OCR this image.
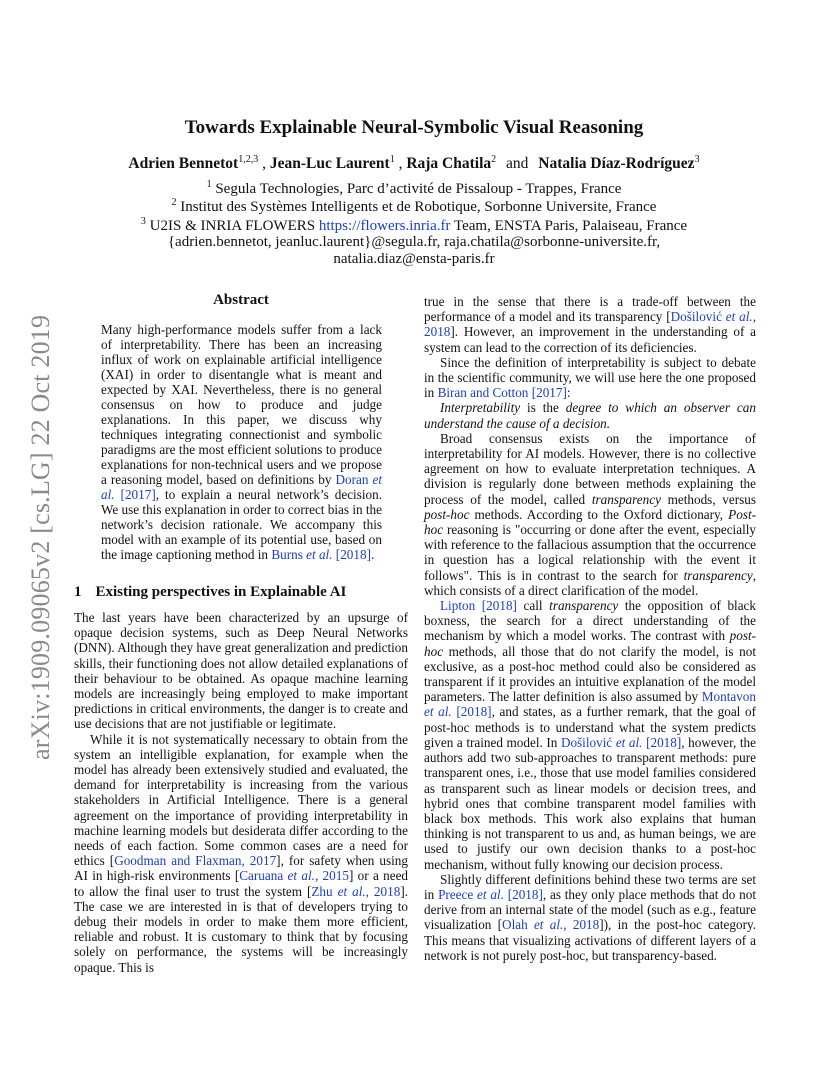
arXiv:1909.09065v2 [cs.LG] 22 Oct 2019
Towards Explainable Neural-Symbolic Visual Reasoning
Adrien Bennetot$^{1,2,3}$ , Jean-Luc Laurent$^1$ , Raja Chatila$^2$ and Natalia Díaz-Rodríguez$^3$
$^1$ Segula Technologies, Parc d’activité de Pissaloup - Trappes, France
$^2$ Institut des Systèmes Intelligents et de Robotique, Sorbonne Universite, France
$^3$ U2IS & INRIA FLOWERS https://flowers.inria.fr Team, ENSTA Paris, Palaiseau, France
{adrien.bennetot, jeanluc.laurent}@segula.fr, raja.chatila@sorbonne-universite.fr,
natalia.diaz@ensta-paris.fr
Abstract
Many high-performance models suffer from a lack of interpretability. There has been an increasing influx of work on explainable artificial intelligence (XAI) in order to disentangle what is meant and expected by XAI. Nevertheless, there is no general consensus on how to produce and judge explanations. In this paper, we discuss why techniques integrating connectionist and symbolic paradigms are the most efficient solutions to produce explanations for non-technical users and we propose a reasoning model, based on definitions by Doran et al. [2017], to explain a neural network’s decision. We use this explanation in order to correct bias in the network’s decision rationale. We accompany this model with an example of its potential use, based on the image captioning method in Burns et al. [2018].
1 Existing perspectives in Explainable AI

The last years have been characterized by an upsurge of opaque decision systems, such as Deep Neural Networks (DNN). Although they have great generalization and prediction skills, their functioning does not allow detailed explanations of their behaviour to be obtained. As opaque machine learning models are increasingly being employed to make important predictions in critical environments, the danger is to create and use decisions that are not justifiable or legitimate.

While it is not systematically necessary to obtain from the system an intelligible explanation, for example when the model has already been extensively studied and evaluated, the demand for interpretability is increasing from the various stakeholders in Artificial Intelligence. There is a general agreement on the importance of providing interpretability in machine learning models but desiderata differ according to the needs of each faction. Some common cases are a need for ethics [Goodman and Flaxman, 2017], for safety when using AI in high-risk environments [Caruana et al., 2015] or a need to allow the final user to trust the system [Zhu et al., 2018]. The case we are interested in is that of developers trying to debug their models in order to make them more efficient, reliable and robust. It is customary to think that by focusing solely on performance, the systems will be increasingly opaque. This is

true in the sense that there is a trade-off between the performance of a model and its transparency [Došilović et al., 2018]. However, an improvement in the understanding of a system can lead to the correction of its deficiencies.

Since the definition of interpretability is subject to debate in the scientific community, we will use here the one proposed in Biran and Cotton [2017]:

Interpretability is the degree to which an observer can understand the cause of a decision.

Broad consensus exists on the importance of interpretability for AI models. However, there is no collective agreement on how to evaluate interpretation techniques. A division is regularly done between methods explaining the process of the model, called transparency methods, versus post-hoc methods. According to the Oxford dictionary, Post-hoc reasoning is "occurring or done after the event, especially with reference to the fallacious assumption that the occurrence in question has a logical relationship with the event it follows". This is in contrast to the search for transparency, which consists of a direct clarification of the model.

Lipton [2018] call transparency the opposition of black boxness, the search for a direct understanding of the mechanism by which a model works. The contrast with post-hoc methods, all those that do not clarify the model, is not exclusive, as a post-hoc method could also be considered as transparent if it provides an intuitive explanation of the model parameters. The latter definition is also assumed by Montavon et al. [2018], and states, as a further remark, that the goal of post-hoc methods is to understand what the system predicts given a trained model. In Došilović et al. [2018], however, the authors add two sub-approaches to transparent methods: pure transparent ones, i.e., those that use model families considered as transparent such as linear models or decision trees, and hybrid ones that combine transparent model families with black box methods. This work also explains that human thinking is not transparent to us and, as human beings, we are used to justify our own decision thanks to a post-hoc mechanism, without fully knowing our decision process.

Slightly different definitions behind these two terms are set in Preece et al. [2018], as they only place methods that do not derive from an internal state of the model (such as e.g., feature visualization [Olah et al., 2018]), in the post-hoc category. This means that visualizing activations of different layers of a network is not purely post-hoc, but transparency-based.
